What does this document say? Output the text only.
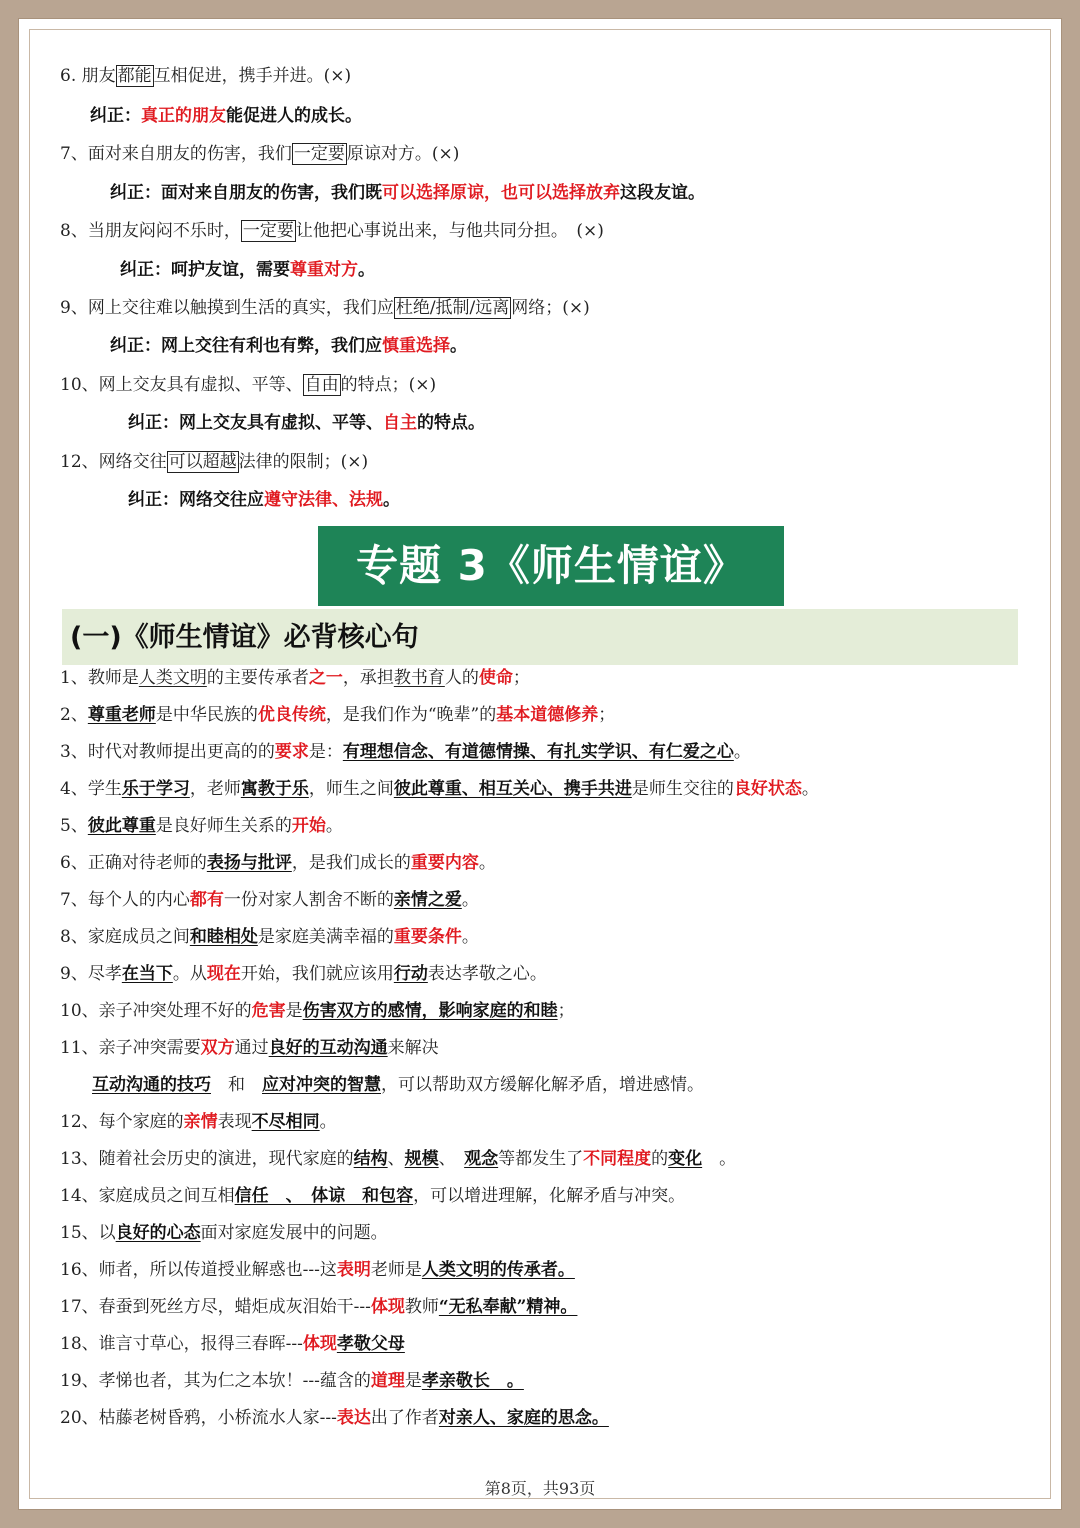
6. 朋友 都能 互相促进，携手并进。(×)
纠正：真正的朋友能促进人的成长。
7、面对来自朋友的伤害，我们 一定要 原谅对方。(×)
纠正：面对来自朋友的伤害，我们既可以选择原谅，也可以选择放弃这段友谊。
8、当朋友闷闷不乐时， 一定要 让他把心事说出来，与他共同分担。　(×)
纠正：呵护友谊，需要尊重对方。
9、网上交往难以触摸到生活的真实，我们应 杜绝/抵制/远离 网络；(×)
纠正：网上交往有利也有弊，我们应慎重选择。
10、网上交友具有虚拟、平等、 自由 的特点；(×)
纠正：网上交友具有虚拟、平等、自主的特点。
12、网络交往 可以超越 法律的限制；(×)
纠正：网络交往应遵守法律、法规。
专题 3《师生情谊》
(一)《师生情谊》必背核心句
1、教师是人类文明的主要传承者之一，承担教书育人的使命；
2、尊重老师是中华民族的优良传统，是我们作为“晚辈”的基本道德修养；
3、时代对教师提出更高的的要求是：有理想信念、有道德情操、有扎实学识、有仁爱之心。
4、学生乐于学习，老师寓教于乐，师生之间彼此尊重、相互关心、携手共进是师生交往的良好状态。
5、彼此尊重是良好师生关系的开始。
6、正确对待老师的表扬与批评，是我们成长的重要内容。
7、每个人的内心都有一份对家人割舍不断的亲情之爱。
8、家庭成员之间和睦相处是家庭美满幸福的重要条件。
9、尽孝在当下。从现在开始，我们就应该用行动表达孝敬之心。
10、亲子冲突处理不好的危害是伤害双方的感情，影响家庭的和睦；
11、亲子冲突需要双方通过良好的互动沟通来解决
互动沟通的技巧　和　应对冲突的智慧，可以帮助双方缓解化解矛盾，增进感情。
12、每个家庭的亲情表现不尽相同。
13、随着社会历史的演进，现代家庭的结构、规模、　观念等都发生了不同程度的变化　。
14、家庭成员之间互相信任　、　体谅　和包容，可以增进理解，化解矛盾与冲突。
15、以良好的心态面对家庭发展中的问题。
16、师者，所以传道授业解惑也---这表明老师是人类文明的传承者。
17、春蚕到死丝方尽，蜡炬成灰泪始干---体现教师“无私奉献”精神。
18、谁言寸草心，报得三春晖---体现孝敬父母
19、孝悌也者，其为仁之本欤！---蕴含的道理是孝亲敬长　。
20、枯藤老树昏鸦，小桥流水人家---表达出了作者对亲人、家庭的思念。
第8页，共93页
